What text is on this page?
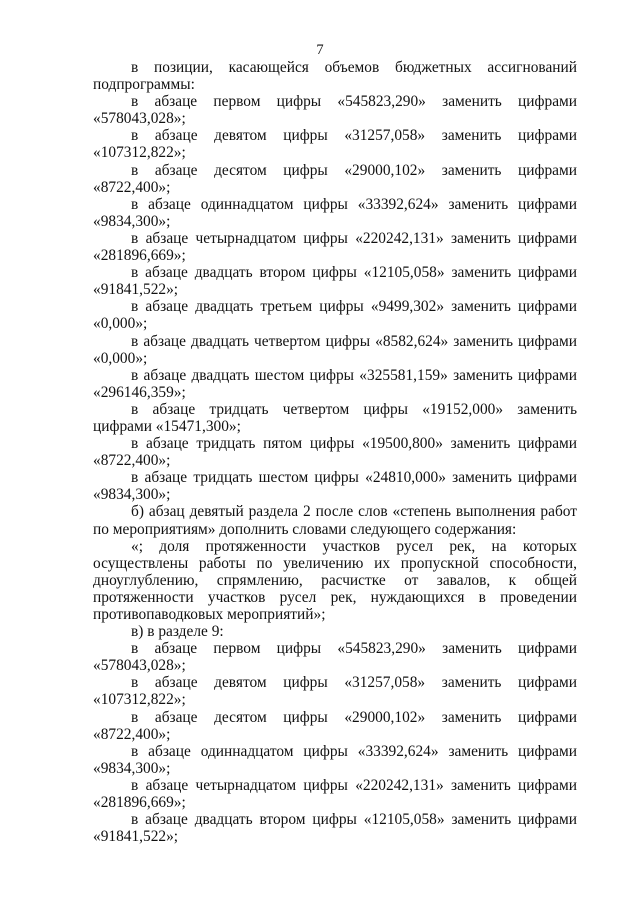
7

в позиции, касающейся объемов бюджетных ассигнований подпрограммы:

в абзаце первом цифры «545823,290» заменить цифрами «578043,028»;

в абзаце девятом цифры «31257,058» заменить цифрами «107312,822»;

в абзаце десятом цифры «29000,102» заменить цифрами «8722,400»;

в абзаце одиннадцатом цифры «33392,624» заменить цифрами «9834,300»;

в абзаце четырнадцатом цифры «220242,131» заменить цифрами «281896,669»;

в абзаце двадцать втором цифры «12105,058» заменить цифрами «91841,522»;

в абзаце двадцать третьем цифры «9499,302» заменить цифрами «0,000»;

в абзаце двадцать четвертом цифры «8582,624» заменить цифрами «0,000»;

в абзаце двадцать шестом цифры «325581,159» заменить цифрами «296146,359»;

в абзаце тридцать четвертом цифры «19152,000» заменить цифрами «15471,300»;

в абзаце тридцать пятом цифры «19500,800» заменить цифрами «8722,400»;

в абзаце тридцать шестом цифры «24810,000» заменить цифрами «9834,300»;

б) абзац девятый раздела 2 после слов «степень выполнения работ по мероприятиям» дополнить словами следующего содержания:

«; доля протяженности участков русел рек, на которых осуществлены работы по увеличению их пропускной способности, дноуглублению, спрямлению, расчистке от завалов, к общей протяженности участков русел рек, нуждающихся в проведении противопаводковых мероприятий»;

в) в разделе 9:

в абзаце первом цифры «545823,290» заменить цифрами «578043,028»;

в абзаце девятом цифры «31257,058» заменить цифрами «107312,822»;

в абзаце десятом цифры «29000,102» заменить цифрами «8722,400»;

в абзаце одиннадцатом цифры «33392,624» заменить цифрами «9834,300»;

в абзаце четырнадцатом цифры «220242,131» заменить цифрами «281896,669»;

в абзаце двадцать втором цифры «12105,058» заменить цифрами «91841,522»;
